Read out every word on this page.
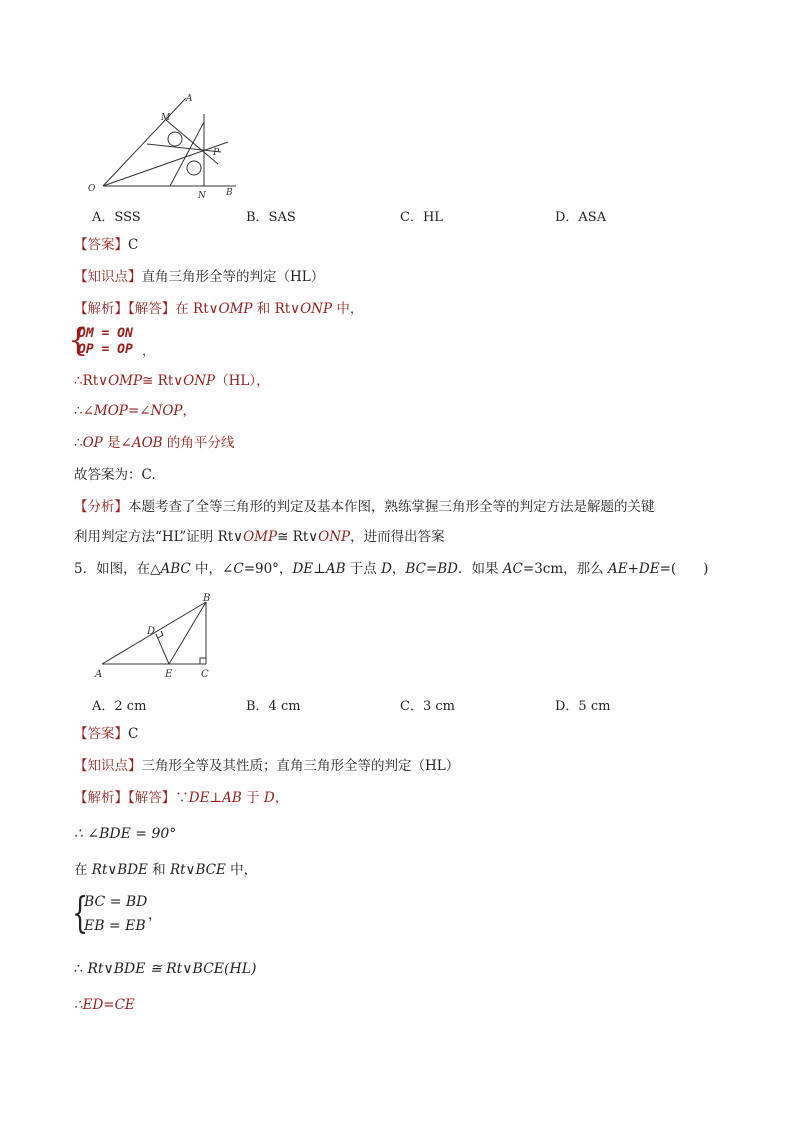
A
M
P
O
N B
A．SSS	B．SAS	C．HL	D．ASA
【答案】C
【知识点】直角三角形全等的判定（HL）
【解析】【解答】在 Rt∨OMP 和 Rt∨ONP 中，
{
OM = ON
OP = OP ，
∴Rt∨OMP≅ Rt∨ONP（HL），
∴∠MOP=∠NOP，
∴OP 是∠AOB 的角平分线
故答案为：C.
【分析】本题考查了全等三角形的判定及基本作图，熟练掌握三角形全等的判定方法是解题的关键
利用判定方法“HL”证明 Rt∨OMP≅ Rt∨ONP，进而得出答案
5．如图，在△ABC 中，∠C=90°，DE⊥AB 于点 D，BC=BD．如果 AC=3cm，那么 AE+DE=(　　)
B
D
A	E	C
A．2 cm	B．4 cm	C．3 cm	D．5 cm
【答案】C
【知识点】三角形全等及其性质；直角三角形全等的判定（HL）
【解析】【解答】∵DE⊥AB 于 D，
∴ ∠BDE = 90°
在 Rt∨BDE 和 Rt∨BCE 中，
{
BC = BD
EB = EB
，
∴ Rt∨BDE ≅ Rt∨BCE(HL)
∴ED=CE
